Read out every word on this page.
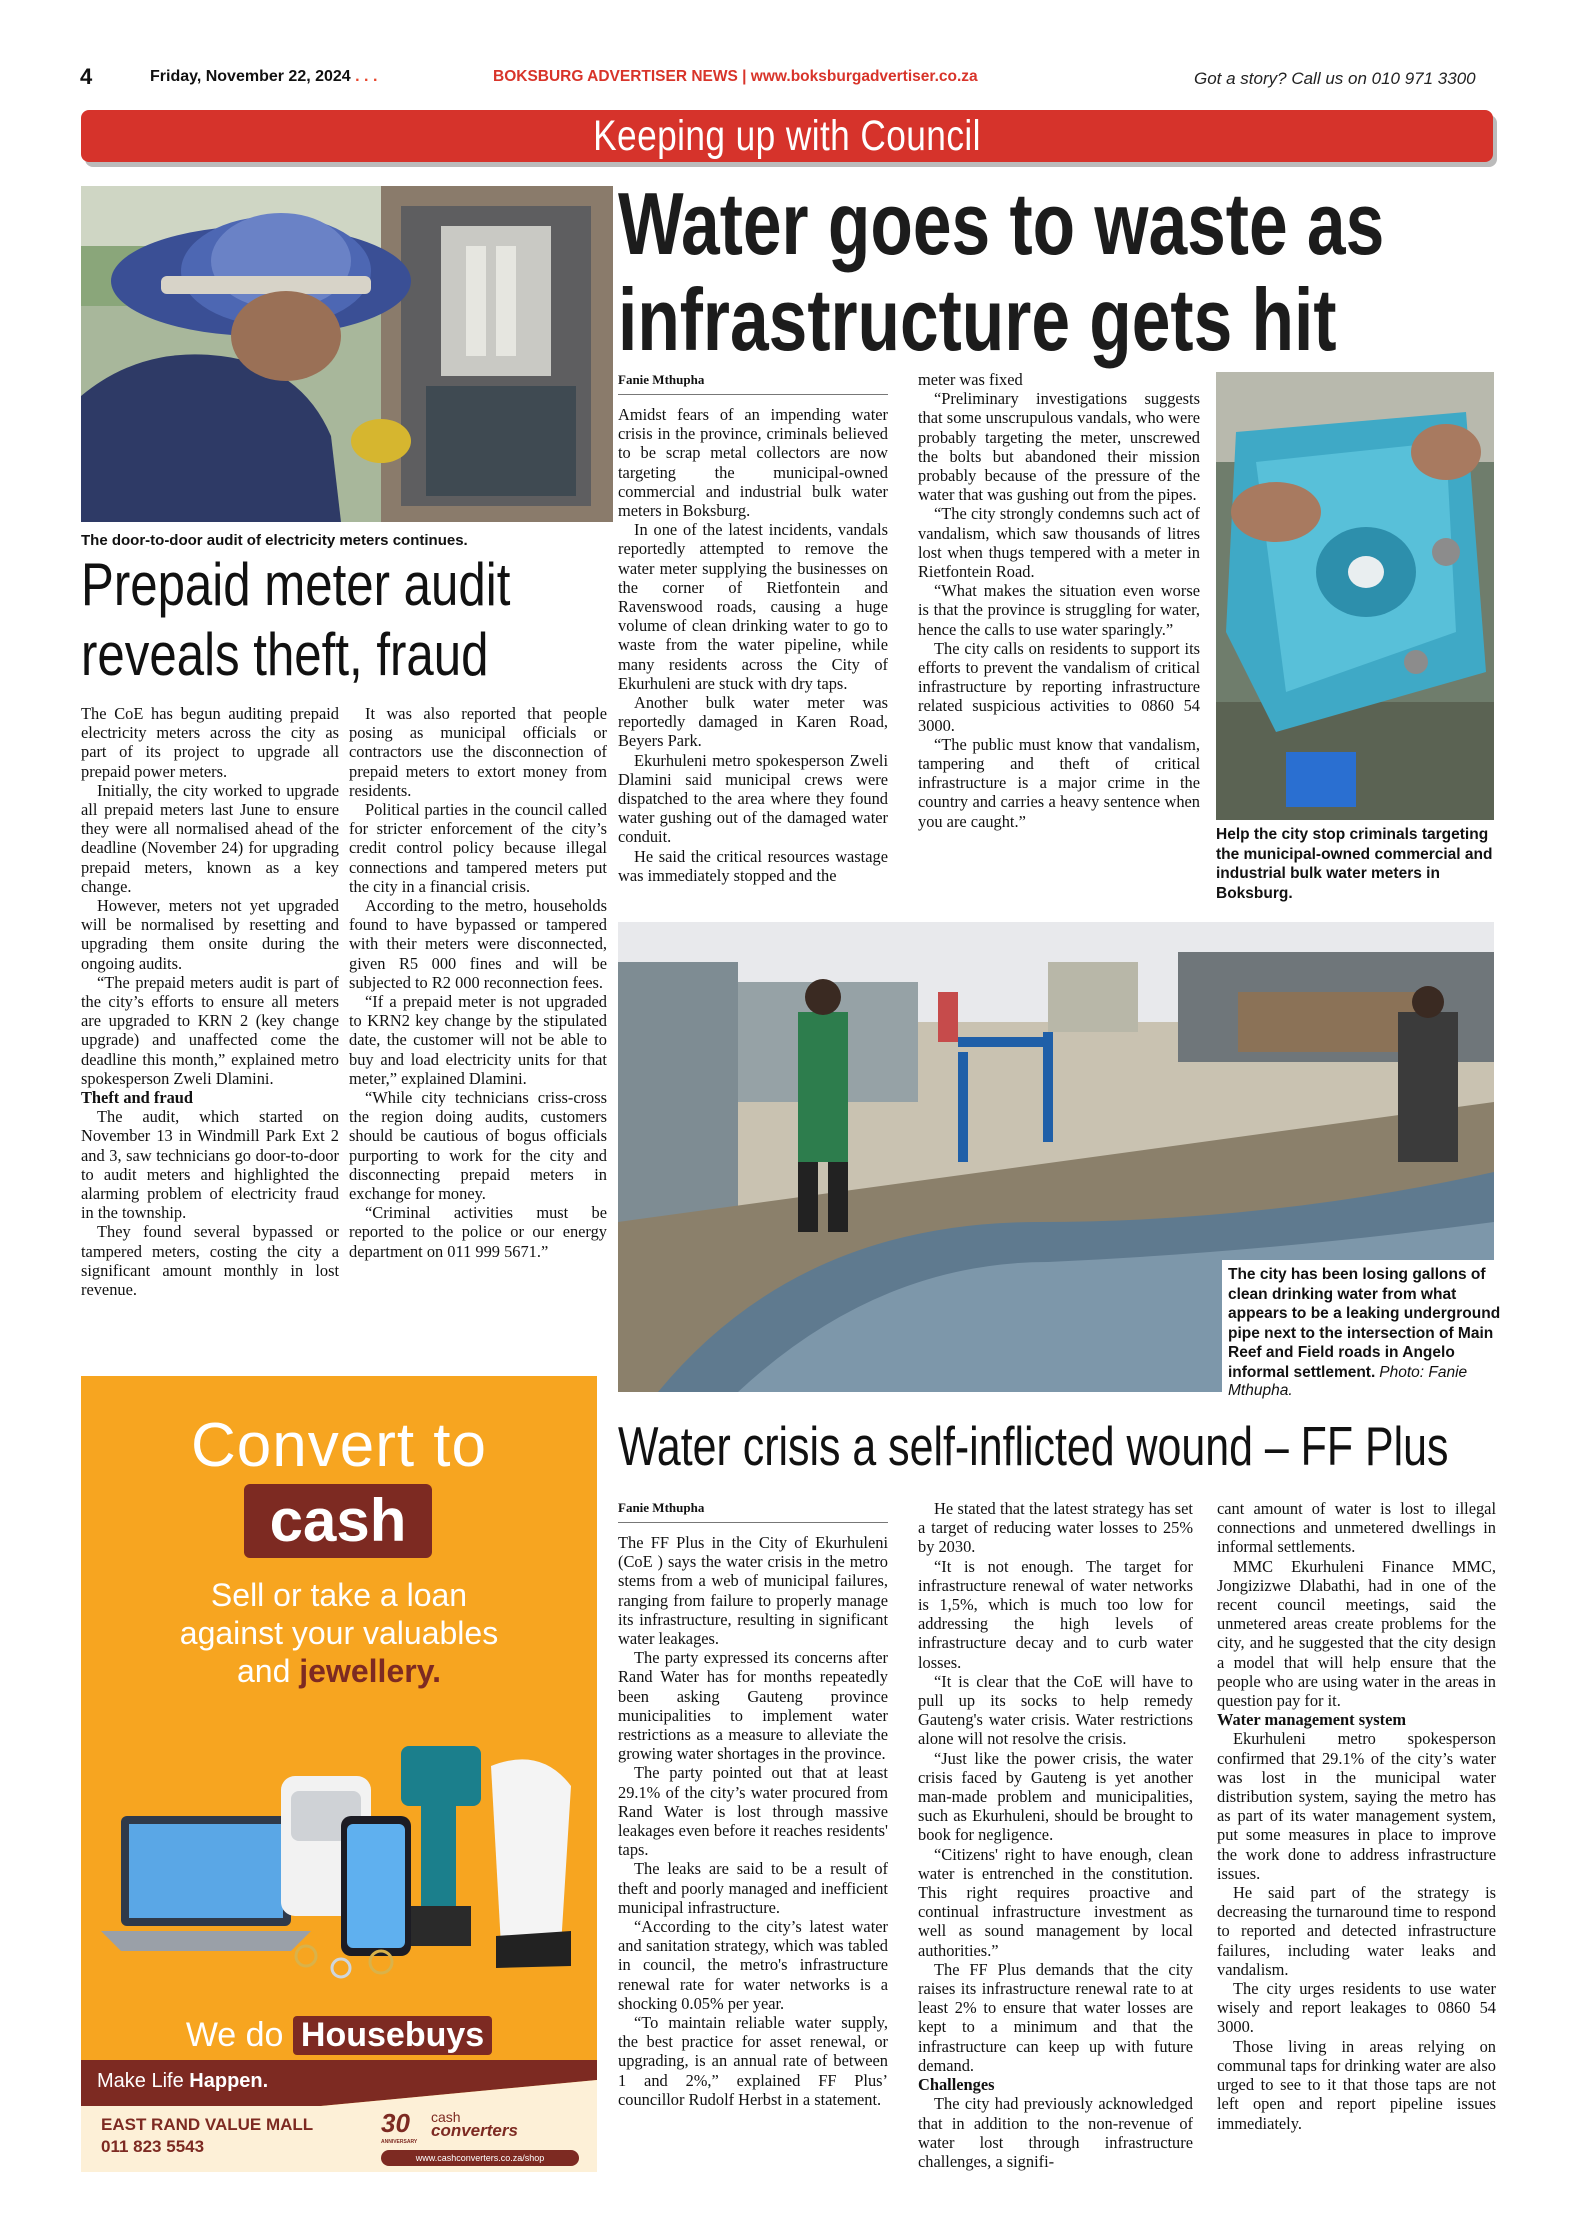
4	Friday, November 22, 2024 . . .	BOKSBURG ADVERTISER NEWS | www.boksburgadvertiser.co.za	Got a story? Call us on 010 971 3300
Keeping up with Council
The door-to-door audit of electricity meters continues.
Prepaid meter audit
reveals theft, fraud

The CoE has begun auditing prepaid electricity meters across the city as part of its project to upgrade all prepaid power meters.

Initially, the city worked to upgrade all prepaid meters last June to ensure they were all normalised ahead of the deadline (November 24) for upgrading prepaid meters, known as a key change.

However, meters not yet upgraded will be normalised by resetting and upgrading them onsite during the ongoing audits.

“The prepaid meters audit is part of the city’s efforts to ensure all meters are upgraded to KRN 2 (key change upgrade) and unaffected come the deadline this month,” explained metro spokesperson Zweli Dlamini.

Theft and fraud

The audit, which started on November 13 in Windmill Park Ext 2 and 3, saw technicians go door-to-door to audit meters and highlighted the alarming problem of electricity fraud in the township.

They found several bypassed or tampered meters, costing the city a significant amount monthly in lost revenue.

It was also reported that people posing as municipal officials or contractors use the disconnection of prepaid meters to extort money from residents.

Political parties in the council called for stricter enforcement of the city’s credit control policy because illegal connections and tampered meters put the city in a financial crisis.

According to the metro, households found to have bypassed or tampered with their meters were disconnected, given R5 000 fines and will be subjected to R2 000 reconnection fees.

“If a prepaid meter is not upgraded to KRN2 key change by the stipulated date, the customer will not be able to buy and load electricity units for that meter,” explained Dlamini.

“While city technicians criss-cross the region doing audits, customers should be cautious of bogus officials purporting to work for the city and disconnecting prepaid meters in exchange for money.

“Criminal activities must be reported to the police or our energy department on 011 999 5671.”

Water goes to waste as
infrastructure gets hit
Fanie Mthupha

Amidst fears of an impending water crisis in the province, criminals believed to be scrap metal collectors are now targeting the municipal-owned commercial and industrial bulk water meters in Boksburg.

In one of the latest incidents, vandals reportedly attempted to remove the water meter supplying the businesses on the corner of Rietfontein and Ravenswood roads, causing a huge volume of clean drinking water to go to waste from the water pipeline, while many residents across the City of Ekurhuleni are stuck with dry taps.

Another bulk water meter was reportedly damaged in Karen Road, Beyers Park.

Ekurhuleni metro spokesperson Zweli Dlamini said municipal crews were dispatched to the area where they found water gushing out of the damaged water conduit.

He said the critical resources wastage was immediately stopped and the

meter was fixed

“Preliminary investigations suggests that some unscrupulous vandals, who were probably targeting the meter, unscrewed the bolts but abandoned their mission probably because of the pressure of the water that was gushing out from the pipes.

“The city strongly condemns such act of vandalism, which saw thousands of litres lost when thugs tempered with a meter in Rietfontein Road.

“What makes the situation even worse is that the province is struggling for water, hence the calls to use water sparingly.”

The city calls on residents to support its efforts to prevent the vandalism of critical infrastructure by reporting infrastructure related suspicious activities to 0860 54 3000.

“The public must know that vandalism, tampering and theft of critical infrastructure is a major crime in the country and carries a heavy sentence when you are caught.”

Help the city stop criminals targeting the municipal-owned commercial and industrial bulk water meters in Boksburg.
The city has been losing gallons of clean drinking water from what appears to be a leaking underground pipe next to the intersection of Main Reef and Field roads in Angelo informal settlement. Photo: Fanie Mthupha.
Water crisis a self-inflicted wound – FF Plus
Fanie Mthupha

The FF Plus in the City of Ekurhuleni (CoE ) says the water crisis in the metro stems from a web of municipal failures, ranging from failure to properly manage its infrastructure, resulting in significant water leakages.

The party expressed its concerns after Rand Water has for months repeatedly been asking Gauteng province municipalities to implement water restrictions as a measure to alleviate the growing water shortages in the province.

The party pointed out that at least 29.1% of the city’s water procured from Rand Water is lost through massive leakages even before it reaches residents' taps.

The leaks are said to be a result of theft and poorly managed and inefficient municipal infrastructure.

“According to the city’s latest water and sanitation strategy, which was tabled in council, the metro's infrastructure renewal rate for water networks is a shocking 0.05% per year.

“To maintain reliable water supply, the best practice for asset renewal, or upgrading, is an annual rate of between 1 and 2%,” explained FF Plus’ councillor Rudolf Herbst in a statement.

He stated that the latest strategy has set a target of reducing water losses to 25% by 2030.

“It is not enough. The target for infrastructure renewal of water networks is 1,5%, which is much too low for addressing the high levels of infrastructure decay and to curb water losses.

“It is clear that the CoE will have to pull up its socks to help remedy Gauteng's water crisis. Water restrictions alone will not resolve the crisis.

“Just like the power crisis, the water crisis faced by Gauteng is yet another man-made problem and municipalities, such as Ekurhuleni, should be brought to book for negligence.

“Citizens' right to have enough, clean water is entrenched in the constitution. This right requires proactive and continual infrastructure investment as well as sound management by local authorities.”

The FF Plus demands that the city raises its infrastructure renewal rate to at least 2% to ensure that water losses are kept to a minimum and that the infrastructure can keep up with future demand.

Challenges

The city had previously acknowledged that in addition to the non-revenue of water lost through infrastructure challenges, a signifi-

cant amount of water is lost to illegal connections and unmetered dwellings in informal settlements.

MMC Ekurhuleni Finance MMC, Jongizizwe Dlabathi, had in one of the recent council meetings, said the unmetered areas create problems for the city, and he suggested that the city design a model that will help ensure that the people who are using water in the areas in question pay for it.

Water management system

Ekurhuleni metro spokesperson confirmed that 29.1% of the city’s water was lost in the municipal water distribution system, saying the metro has as part of its water management system, put some measures in place to improve the work done to address infrastructure issues.

He said part of the strategy is decreasing the turnaround time to respond to reported and detected infrastructure failures, including water leaks and vandalism.

The city urges residents to use water wisely and report leakages to 0860 54 3000.

Those living in areas relying on communal taps for drinking water are also urged to see to it that those taps are not left open and report pipeline issues immediately.

Convert to
cash
Sell or take a loan
against your valuables
and jewellery.
We do Housebuys
Make Life Happen.
EAST RAND VALUE MALL
011 823 5543
30
ANNIVERSARY
cash
converters
www.cashconverters.co.za/shop
